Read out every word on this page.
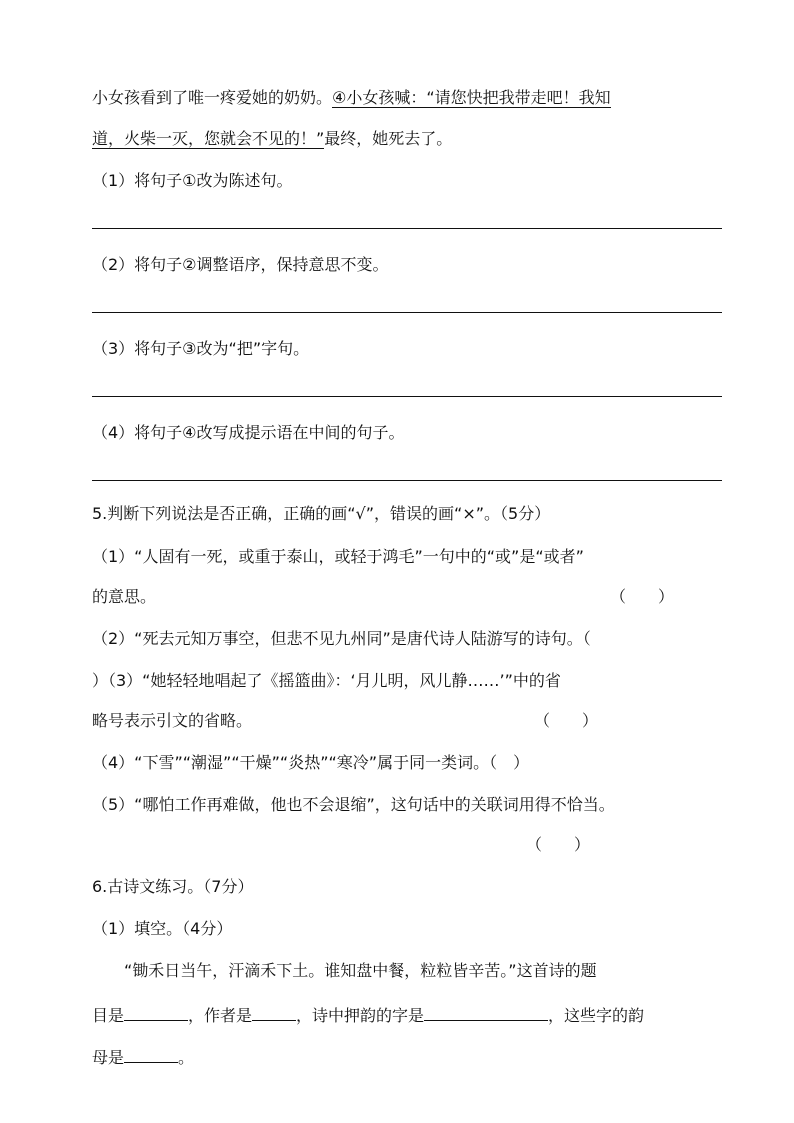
小女孩看到了唯一疼爱她的奶奶。④小女孩喊：“请您快把我带走吧！我知
道，火柴一灭，您就会不见的！”最终，她死去了。
（1）将句子①改为陈述句。
（2）将句子②调整语序，保持意思不变。
（3）将句子③改为“把”字句。
（4）将句子④改写成提示语在中间的句子。
5.判断下列说法是否正确，正确的画“√”，错误的画“×”。（5分）
（1）“人固有一死，或重于泰山，或轻于鸿毛”一句中的“或”是“或者”
的意思。	（　　）
（2）“死去元知万事空，但悲不见九州同”是唐代诗人陆游写的诗句。（
）（3）“她轻轻地唱起了《摇篮曲》：‘月儿明，风儿静……’”中的省
略号表示引文的省略。	（　　）
（4）“下雪”“潮湿”“干燥”“炎热”“寒冷”属于同一类词。（　）
（5）“哪怕工作再难做，他也不会退缩”，这句话中的关联词用得不恰当。
（　　）
6.古诗文练习。（7分）
（1）填空。（4分）
“锄禾日当午，汗滴禾下土。谁知盘中餐，粒粒皆辛苦。”这首诗的题
目是	，作者是	，诗中押韵的字是	，这些字的韵
母是	。
